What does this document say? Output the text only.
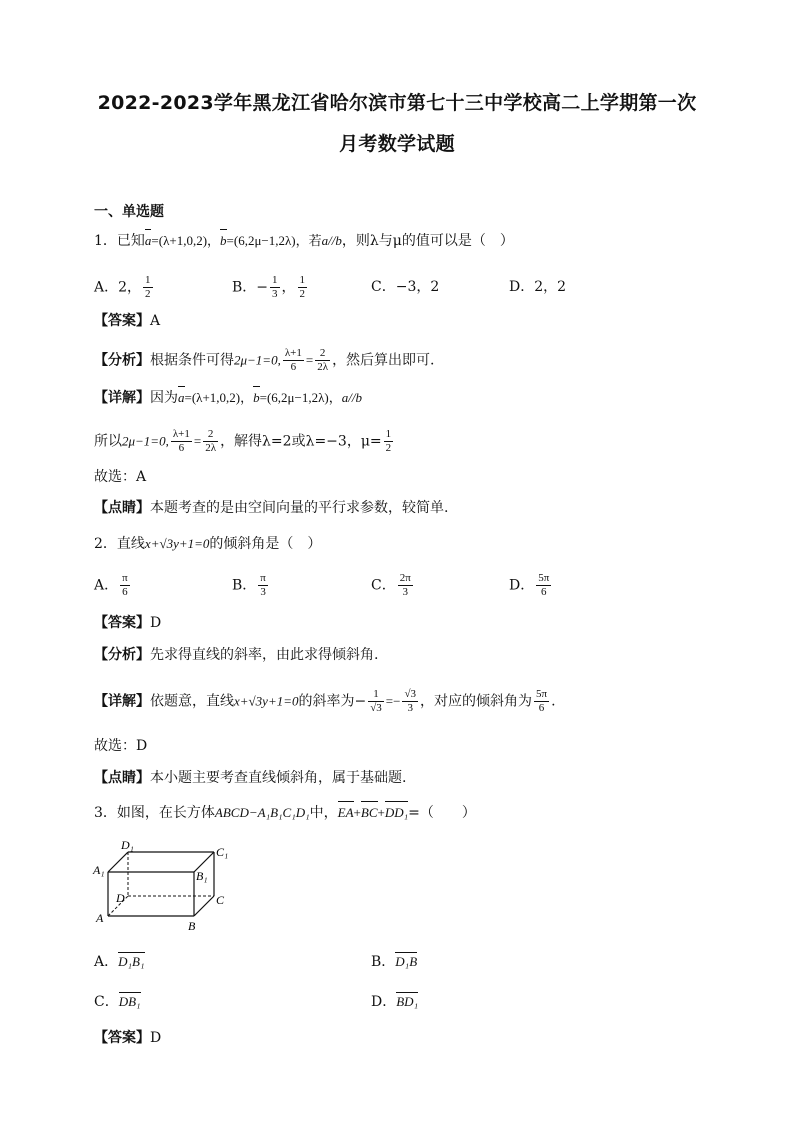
2022-2023学年黑龙江省哈尔滨市第七十三中学校高二上学期第一次
月考数学试题
一、单选题
1．已知a=(λ+1,0,2)，b=(6,2μ−1,2λ)，若a//b，则λ与μ的值可以是（　）
A．2， $\frac{1}{2}$	B．− $\frac{1}{3}$ ， $\frac{1}{2}$	C．−3，2	D．2，2
【答案】A
【分析】根据条件可得2μ−1=0, $\frac{\lambda+1}{6} = \frac{2}{2\lambda}$ ，然后算出即可.
【详解】因为a=(λ+1,0,2)，b=(6,2μ−1,2λ)，a//b
所以2μ−1=0, $\frac{\lambda+1}{6} = \frac{2}{2\lambda}$ ，解得λ=2或λ=−3，$\mu= \frac{1}{2}$
故选：A
【点睛】本题考查的是由空间向量的平行求参数，较简单.
2．直线x+√3y+1=0的倾斜角是（　）
A． $\frac{\pi}{6}$	B． $\frac{\pi}{3}$	C． $\frac{2\pi}{3}$	D． $\frac{5\pi}{6}$
【答案】D
【分析】先求得直线的斜率，由此求得倾斜角.
【详解】依题意，直线x+√3y+1=0的斜率为− $\frac{1}{√3} =- \frac{√3}{3}$ ，对应的倾斜角为 $\frac{5\pi}{6}$ .
故选：D
【点睛】本小题主要考查直线倾斜角，属于基础题.
3．如图，在长方体ABCD−A₁B₁C₁D₁中，EA+BC+DD₁=（　　）
D₁	C₁
A₁	B₁
D	C
A
B
A．D₁B₁	B．D₁B
C．DB₁	D．BD₁
【答案】D
